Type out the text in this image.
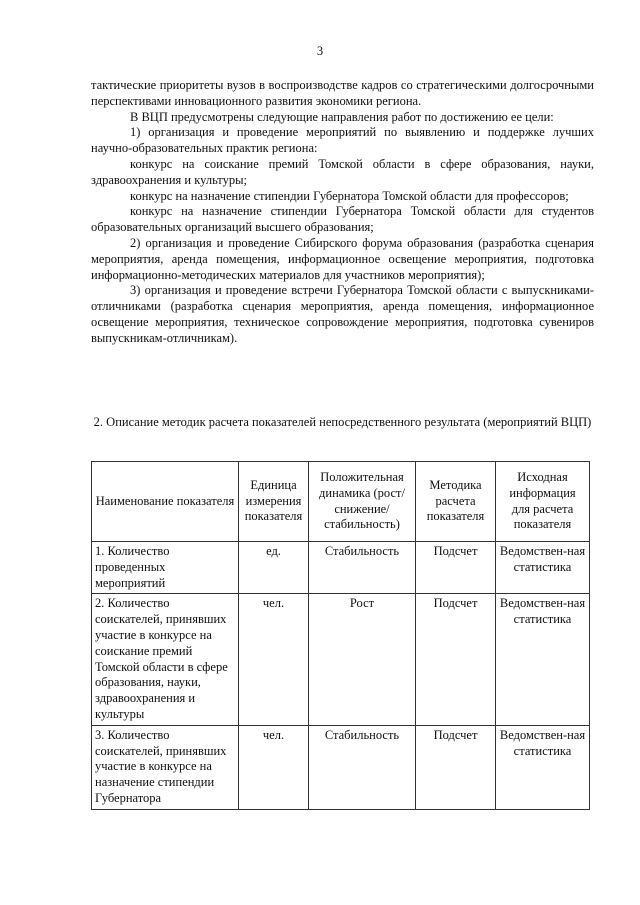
3

тактические приоритеты вузов в воспроизводстве кадров со стратегическими долгосрочными перспективами инновационного развития экономики региона.

В ВЦП предусмотрены следующие направления работ по достижению ее цели:

1) организация и проведение мероприятий по выявлению и поддержке лучших научно-образовательных практик региона:

конкурс на соискание премий Томской области в сфере образования, науки, здравоохранения и культуры;

конкурс на назначение стипендии Губернатора Томской области для профессоров;

конкурс на назначение стипендии Губернатора Томской области для студентов образовательных организаций высшего образования;

2) организация и проведение Сибирского форума образования (разработка сценария мероприятия, аренда помещения, информационное освещение мероприятия, подготовка информационно-методических материалов для участников мероприятия);

3) организация и проведение встречи Губернатора Томской области с выпускниками-отличниками (разработка сценария мероприятия, аренда помещения, информационное освещение мероприятия, техническое сопровождение мероприятия, подготовка сувениров выпускникам-отличникам).

2. Описание методик расчета показателей непосредственного результата (мероприятий ВЦП)
Наименование показателя	Единица измерения показателя	Положительная динамика (рост/ снижение/ стабильность)	Методика расчета показателя	Исходная информация для расчета показателя
1. Количество проведенных мероприятий	ед.	Стабильность	Подсчет	Ведомствен-ная статистика
2. Количество соискателей, принявших участие в конкурсе на соискание премий Томской области в сфере образования, науки, здравоохранения и культуры	чел.	Рост	Подсчет	Ведомствен-ная статистика
3. Количество соискателей, принявших участие в конкурсе на назначение стипендии Губернатора	чел.	Стабильность	Подсчет	Ведомствен-ная статистика
